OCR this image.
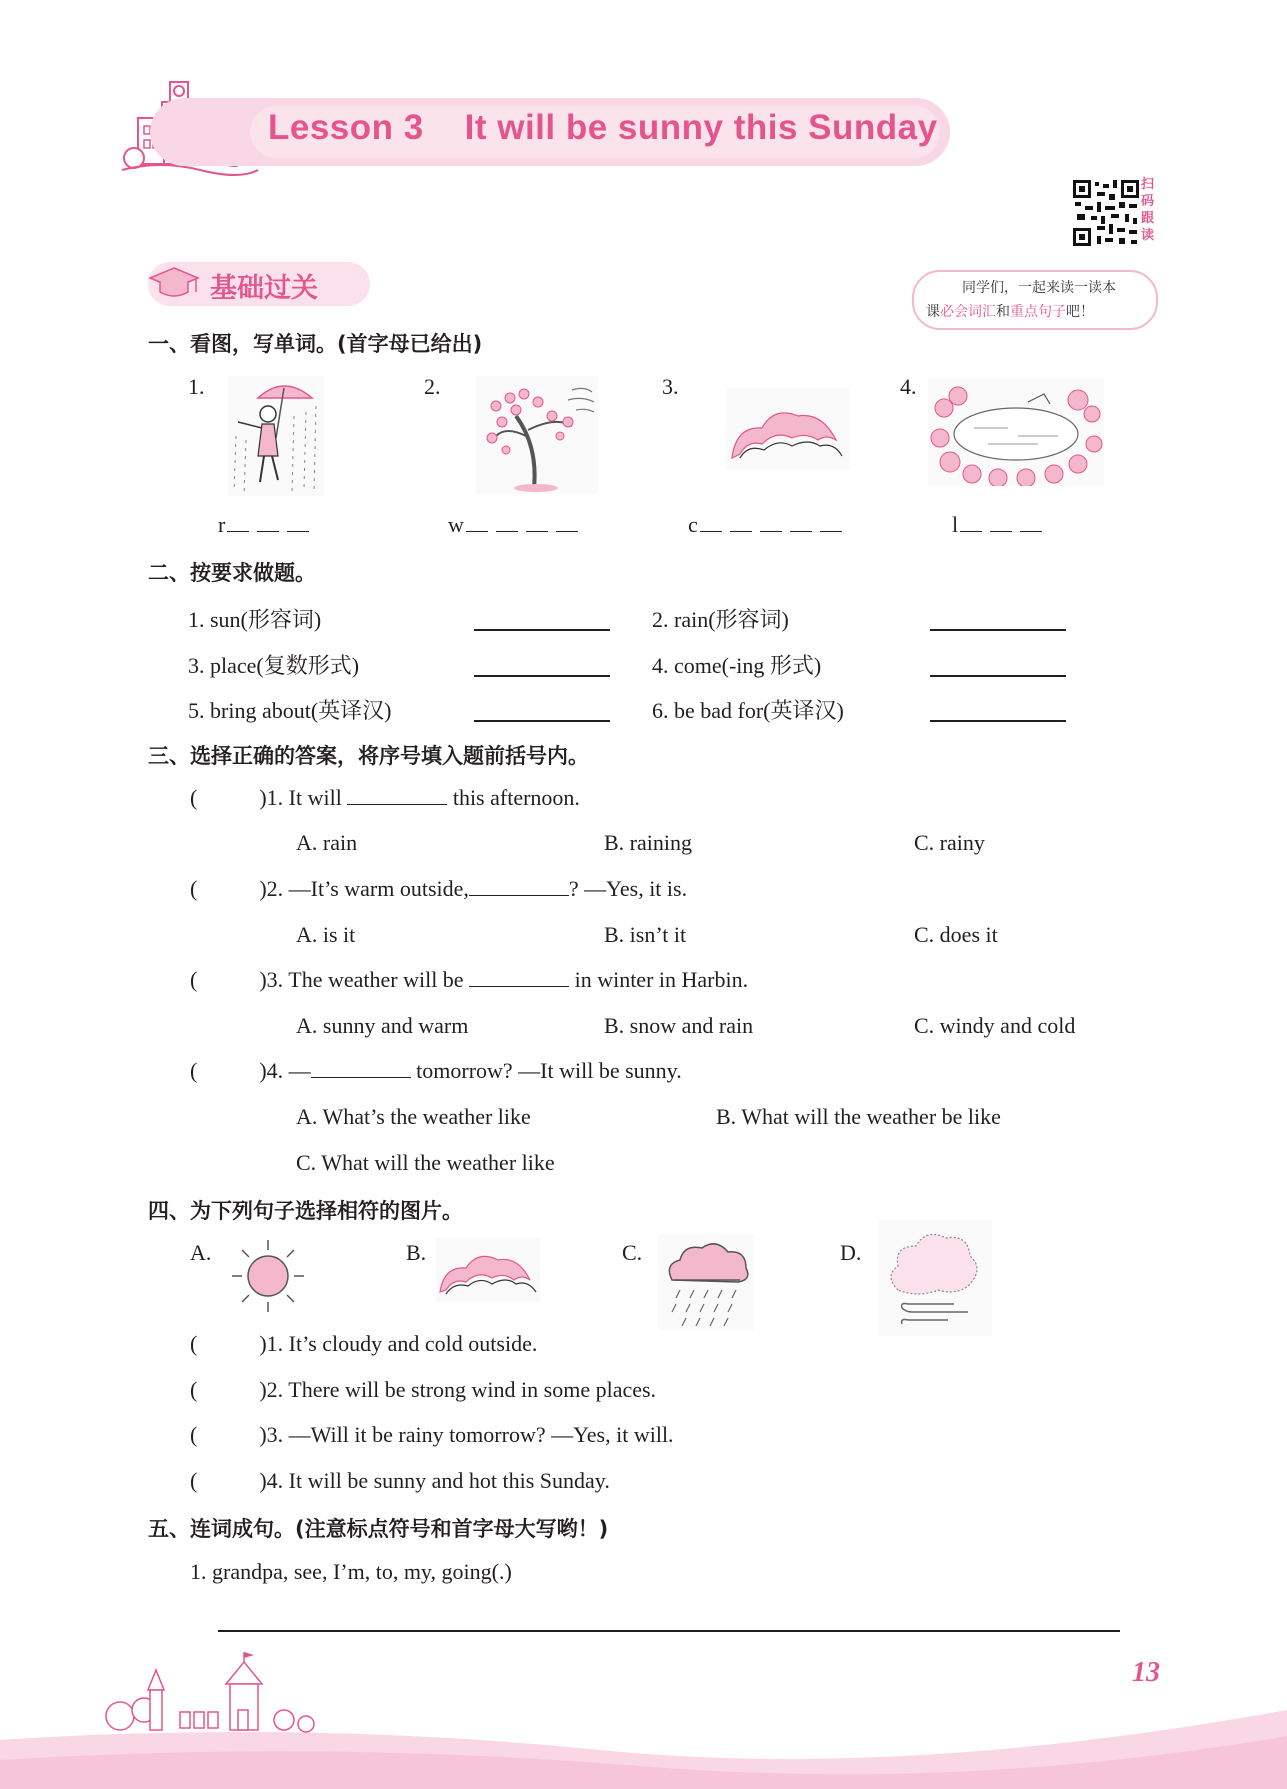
Lesson 3    It will be sunny this Sunday
扫码跟读
基础过关	同学们，一起来读一读本
课必会词汇和重点句子吧！
一、看图，写单词。(首字母已给出)
1.	2.	3.	4.
r	w	c	l
二、按要求做题。
1. sun(形容词)	2. rain(形容词)
3. place(复数形式)	4. come(-ing 形式)
5. bring about(英译汉)	6. be bad for(英译汉)
三、选择正确的答案，将序号填入题前括号内。
(	)1. It will	this afternoon.
A. rain	B. raining	C. rainy
(	)2. —It’s warm outside,	? —Yes, it is.
A. is it	B. isn’t it	C. does it
(	)3. The weather will be	in winter in Harbin.
A. sunny and warm	B. snow and rain	C. windy and cold
(	)4. —	tomorrow? —It will be sunny.
A. What’s the weather like	B. What will the weather be like
C. What will the weather like
四、为下列句子选择相符的图片。
A.	B.	C.	D.
(	)1. It’s cloudy and cold outside.
(	)2. There will be strong wind in some places.
(	)3. —Will it be rainy tomorrow? —Yes, it will.
(	)4. It will be sunny and hot this Sunday.
五、连词成句。(注意标点符号和首字母大写哟！)
1. grandpa, see, I’m, to, my, going(.)
13
